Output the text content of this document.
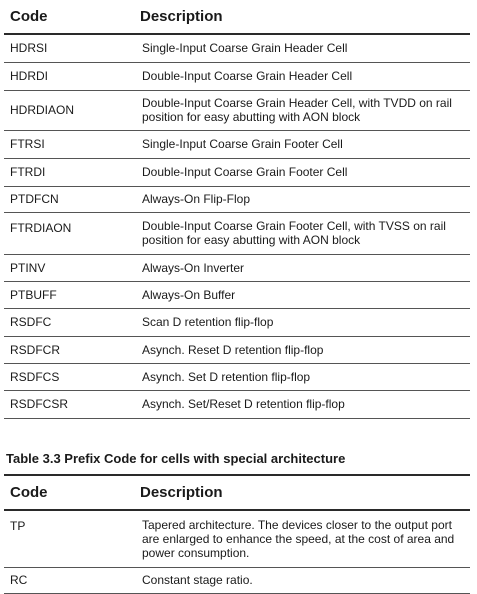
Code	Description
HDRSI	Single-Input Coarse Grain Header Cell
HDRDI	Double-Input Coarse Grain Header Cell
HDRDIAON	Double-Input Coarse Grain Header Cell, with TVDD on rail position for easy abutting with AON block
FTRSI	Single-Input Coarse Grain Footer Cell
FTRDI	Double-Input Coarse Grain Footer Cell
PTDFCN	Always-On Flip-Flop
FTRDIAON	Double-Input Coarse Grain Footer Cell, with TVSS on rail position for easy abutting with AON block
PTINV	Always-On Inverter
PTBUFF	Always-On Buffer
RSDFC	Scan D retention flip-flop
RSDFCR	Asynch. Reset D retention flip-flop
RSDFCS	Asynch. Set D retention flip-flop
RSDFCSR	Asynch. Set/Reset D retention flip-flop
Table 3.3 Prefix Code for cells with special architecture
Code	Description
TP	Tapered architecture. The devices closer to the output port are enlarged to enhance the speed, at the cost of area and power consumption.
RC	Constant stage ratio.
